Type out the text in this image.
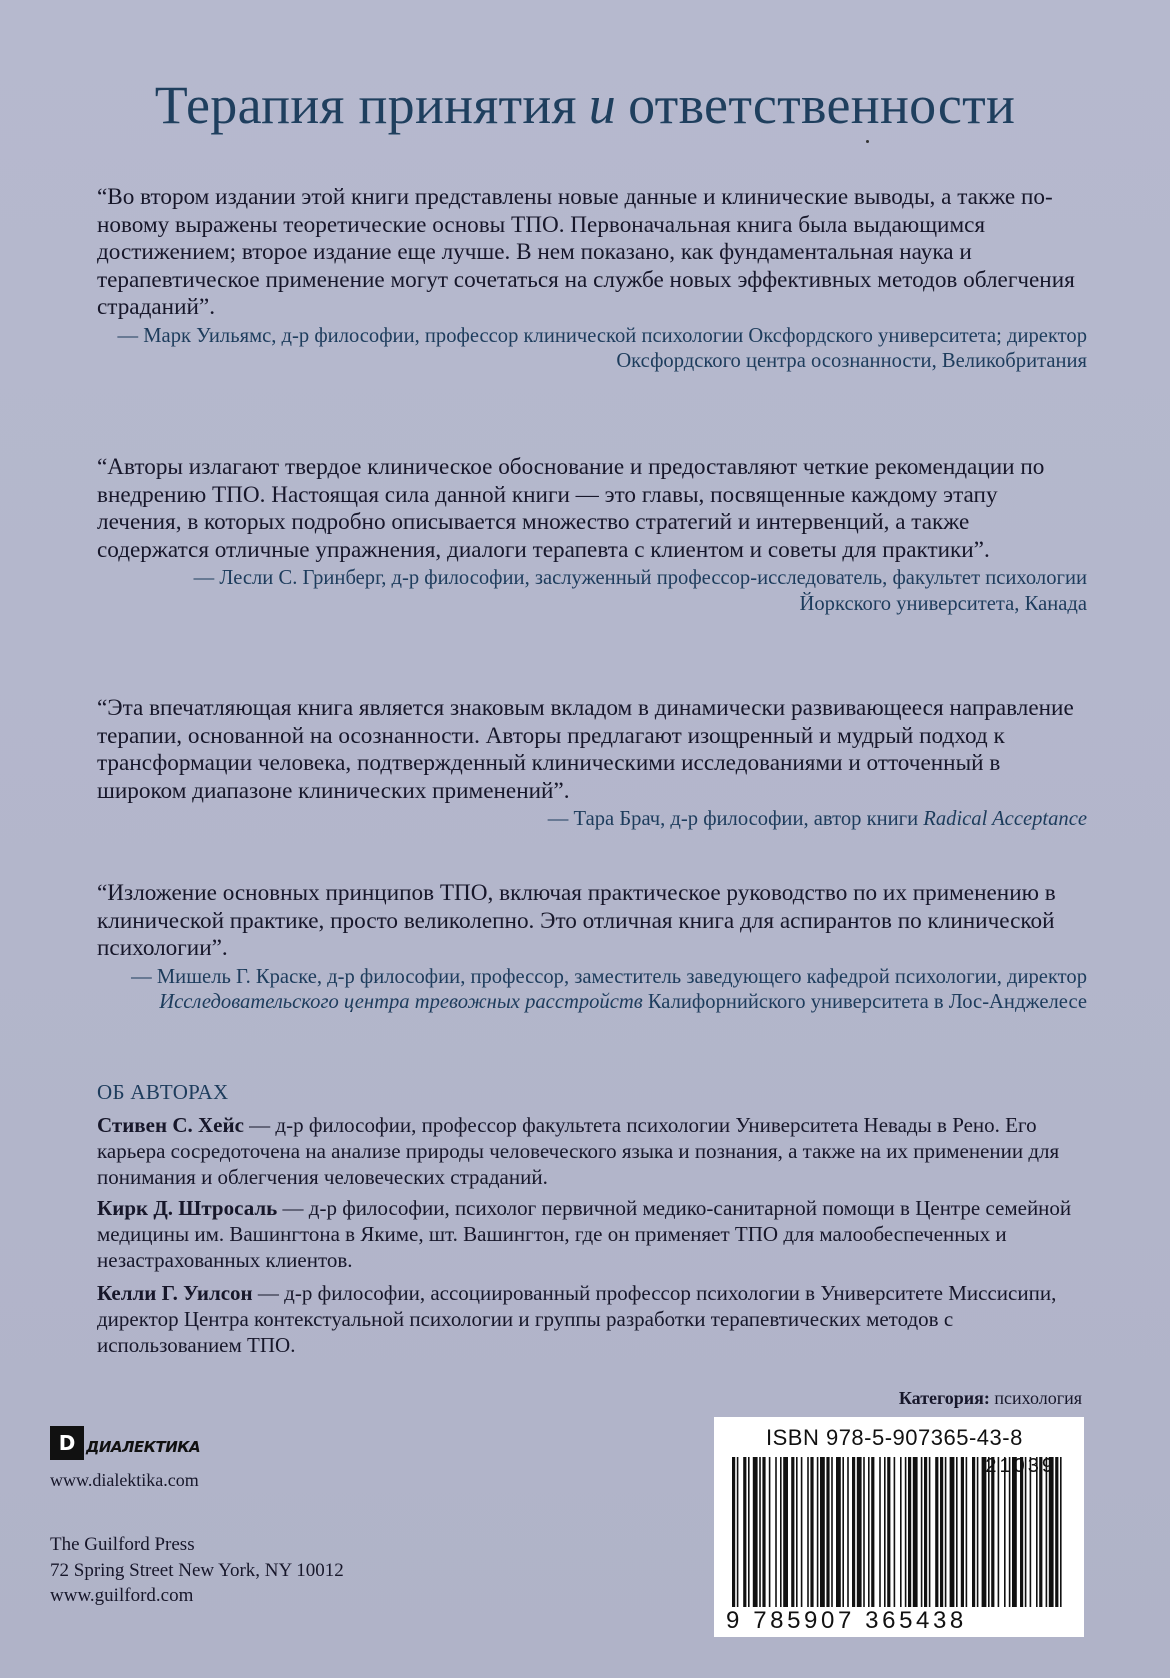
Терапия принятия и ответственности

“Во втором издании этой книги представлены новые данные и клинические выводы, а также по-новому выражены теоретические основы ТПО. Первоначальная книга была выдающимся достижением; второе издание еще лучше. В нем показано, как фундаментальная наука и терапевтическое применение могут сочетаться на службе новых эффективных методов облегчения страданий”.

— Марк Уильямс, д-р философии, профессор клинической психологии Оксфордского университета; директор Оксфордского центра осознанности, Великобритания

“Авторы излагают твердое клиническое обоснование и предоставляют четкие рекомендации по внедрению ТПО. Настоящая сила данной книги — это главы, посвященные каждому этапу лечения, в которых подробно описывается множество стратегий и интервенций, а также содержатся отличные упражнения, диалоги терапевта с клиентом и советы для практики”.

— Лесли С. Гринберг, д-р философии, заслуженный профессор-исследователь, факультет психологии Йоркского университета, Канада

“Эта впечатляющая книга является знаковым вкладом в динамически развивающееся направление терапии, основанной на осознанности. Авторы предлагают изощренный и мудрый подход к трансформации человека, подтвержденный клиническими исследованиями и отточенный в широком диапазоне клинических применений”.

— Тара Брач, д-р философии, автор книги Radical Acceptance

“Изложение основных принципов ТПО, включая практическое руководство по их применению в клинической практике, просто великолепно. Это отличная книга для аспирантов по клинической психологии”.

— Мишель Г. Краске, д-р философии, профессор, заместитель заведующего кафедрой психологии, директор Исследовательского центра тревожных расстройств Калифорнийского университета в Лос-Анджелесе

ОБ АВТОРАХ

Стивен С. Хейс — д-р философии, профессор факультета психологии Университета Невады в Рено. Его карьера сосредоточена на анализе природы человеческого языка и познания, а также на их применении для понимания и облегчения человеческих страданий.

Кирк Д. Штросаль — д-р философии, психолог первичной медико-санитарной помощи в Центре семейной медицины им. Вашингтона в Якиме, шт. Вашингтон, где он применяет ТПО для малообеспеченных и незастрахованных клиентов.

Келли Г. Уилсон — д-р философии, ассоциированный профессор психологии в Университете Миссисипи, директор Центра контекстуальной психологии и группы разработки терапевтических методов с использованием ТПО.

Категория: психология
D ДИАЛЕКТИКА
www.dialektika.com
The Guilford Press
72 Spring Street New York, NY 10012
www.guilford.com
ISBN 978-5-907365-43-8
21039
9 785907 365438
